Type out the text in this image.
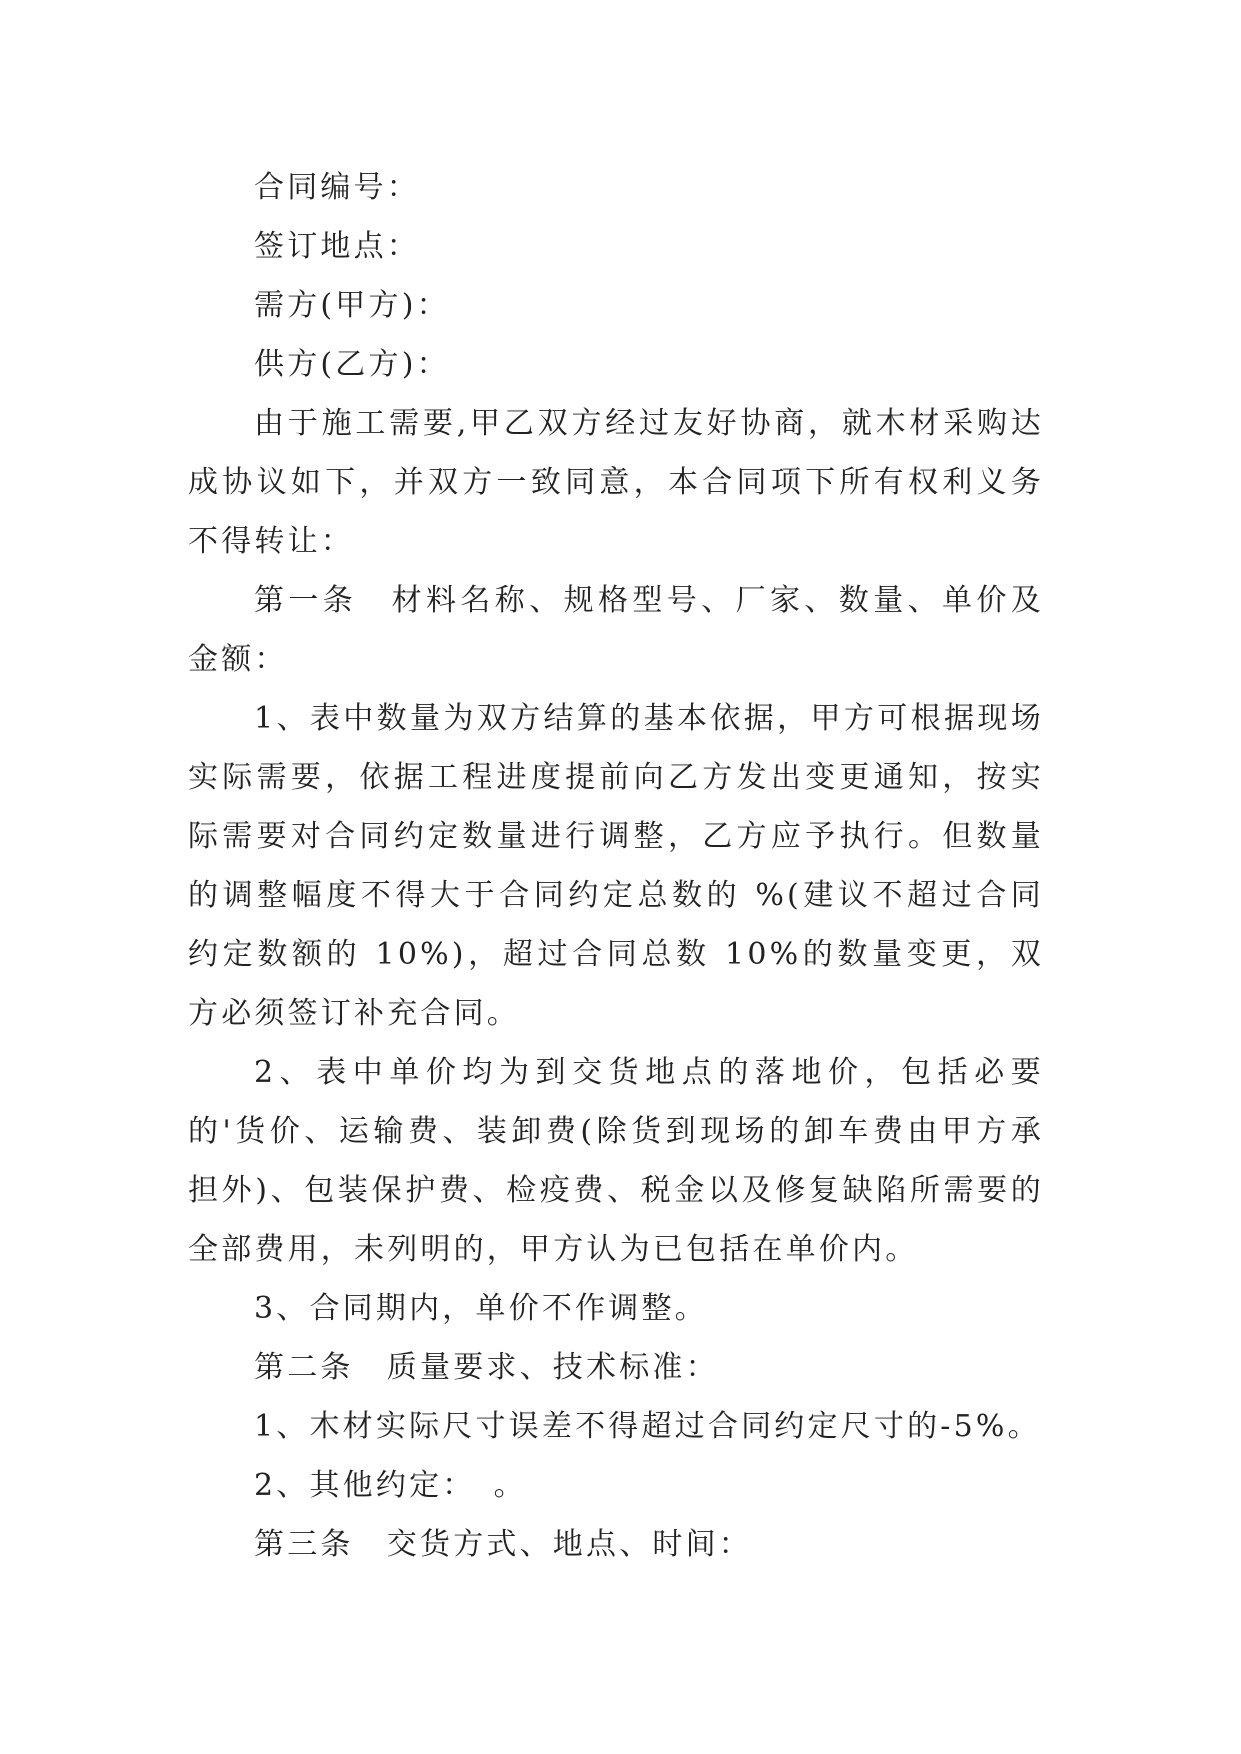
合同编号：

签订地点：

需方(甲方)：

供方(乙方)：

由于施工需要,甲乙双方经过友好协商，就木材采购达成协议如下，并双方一致同意，本合同项下所有权利义务不得转让：

第一条　材料名称、规格型号、厂家、数量、单价及金额：

1、表中数量为双方结算的基本依据，甲方可根据现场实际需要，依据工程进度提前向乙方发出变更通知，按实际需要对合同约定数量进行调整，乙方应予执行。但数量的调整幅度不得大于合同约定总数的 %(建议不超过合同约定数额的 10%)，超过合同总数 10%的数量变更，双方必须签订补充合同。

2、表中单价均为到交货地点的落地价，包括必要的'货价、运输费、装卸费(除货到现场的卸车费由甲方承担外)、包装保护费、检疫费、税金以及修复缺陷所需要的全部费用，未列明的，甲方认为已包括在单价内。

3、合同期内，单价不作调整。

第二条　质量要求、技术标准：

1、木材实际尺寸误差不得超过合同约定尺寸的-5%。

2、其他约定：　。

第三条　交货方式、地点、时间：
